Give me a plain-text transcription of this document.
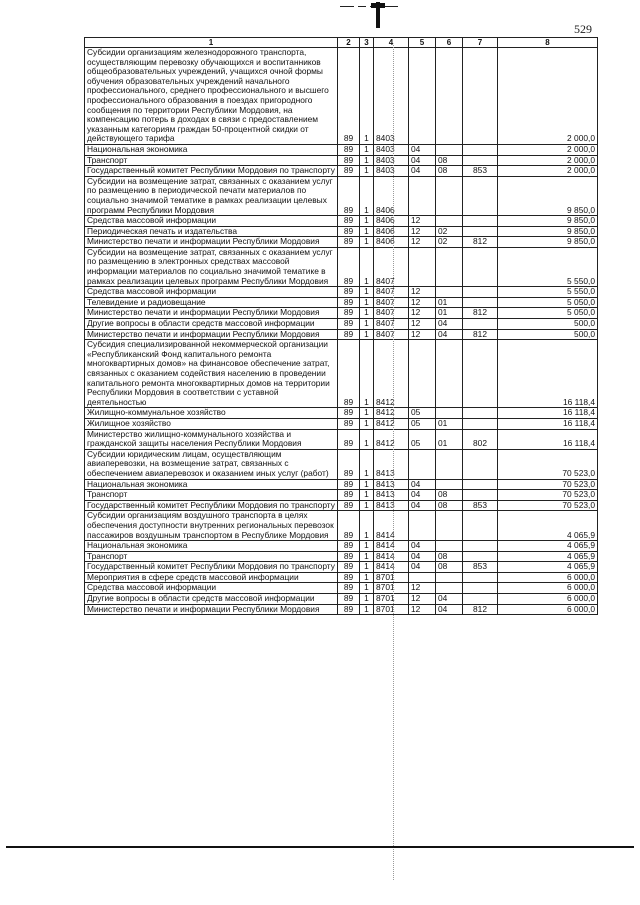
529
1	2	3	4	5	6	7	8
Субсидии организациям железнодорожного транспорта, осуществляющим перевозку обучающихся и воспитанников общеобразовательных учреждений, учащихся очной формы обучения образовательных учреждений начального профессионального, среднего профессионального и высшего профессионального образования в поездах пригородного сообщения по территории Республики Мордовия, на компенсацию потерь в доходах в связи с предоставлением указанным категориям граждан 50-процентной скидки от действующего тарифа	89	1	8403				2 000,0
Национальная экономика	89	1	8403	04			2 000,0
Транспорт	89	1	8403	04	08		2 000,0
Государственный комитет Республики Мордовия по транспорту	89	1	8403	04	08	853	2 000,0
Субсидии на возмещение затрат, связанных с оказанием услуг по размещению в периодической печати материалов по социально значимой тематике в рамках реализации целевых программ Республики Мордовия	89	1	8406				9 850,0
Средства массовой информации	89	1	8406	12			9 850,0
Периодическая печать и издательства	89	1	8406	12	02		9 850,0
Министерство печати и информации Республики Мордовия	89	1	8406	12	02	812	9 850,0
Субсидии на возмещение затрат, связанных с оказанием услуг по размещению в электронных средствах массовой информации материалов по социально значимой тематике в рамках реализации целевых программ Республики Мордовия	89	1	8407				5 550,0
Средства массовой информации	89	1	8407	12			5 550,0
Телевидение и радиовещание	89	1	8407	12	01		5 050,0
Министерство печати и информации Республики Мордовия	89	1	8407	12	01	812	5 050,0
Другие вопросы в области средств массовой информации	89	1	8407	12	04		500,0
Министерство печати и информации Республики Мордовия	89	1	8407	12	04	812	500,0
Субсидия специализированной некоммерческой организации «Республиканский Фонд капитального ремонта многоквартирных домов» на финансовое обеспечение затрат, связанных с оказанием содействия населению в проведении капитального ремонта многоквартирных домов на территории Республики Мордовия в соответствии с уставной деятельностью	89	1	8412				16 118,4
Жилищно-коммунальное хозяйство	89	1	8412	05			16 118,4
Жилищное хозяйство	89	1	8412	05	01		16 118,4
Министерство жилищно-коммунального хозяйства и гражданской защиты населения Республики Мордовия	89	1	8412	05	01	802	16 118,4
Субсидии юридическим лицам, осуществляющим авиаперевозки, на возмещение затрат, связанных с обеспечением авиаперевозок и оказанием иных услуг (работ)	89	1	8413				70 523,0
Национальная экономика	89	1	8413	04			70 523,0
Транспорт	89	1	8413	04	08		70 523,0
Государственный комитет Республики Мордовия по транспорту	89	1	8413	04	08	853	70 523,0
Субсидии организациям воздушного транспорта в целях обеспечения доступности внутренних региональных перевозок пассажиров воздушным транспортом в Республике Мордовия	89	1	8414				4 065,9
Национальная экономика	89	1	8414	04			4 065,9
Транспорт	89	1	8414	04	08		4 065,9
Государственный комитет Республики Мордовия по транспорту	89	1	8414	04	08	853	4 065,9
Мероприятия в сфере средств массовой информации	89	1	8701				6 000,0
Средства массовой информации	89	1	8701	12			6 000,0
Другие вопросы в области средств массовой информации	89	1	8701	12	04		6 000,0
Министерство печати и информации Республики Мордовия	89	1	8701	12	04	812	6 000,0
